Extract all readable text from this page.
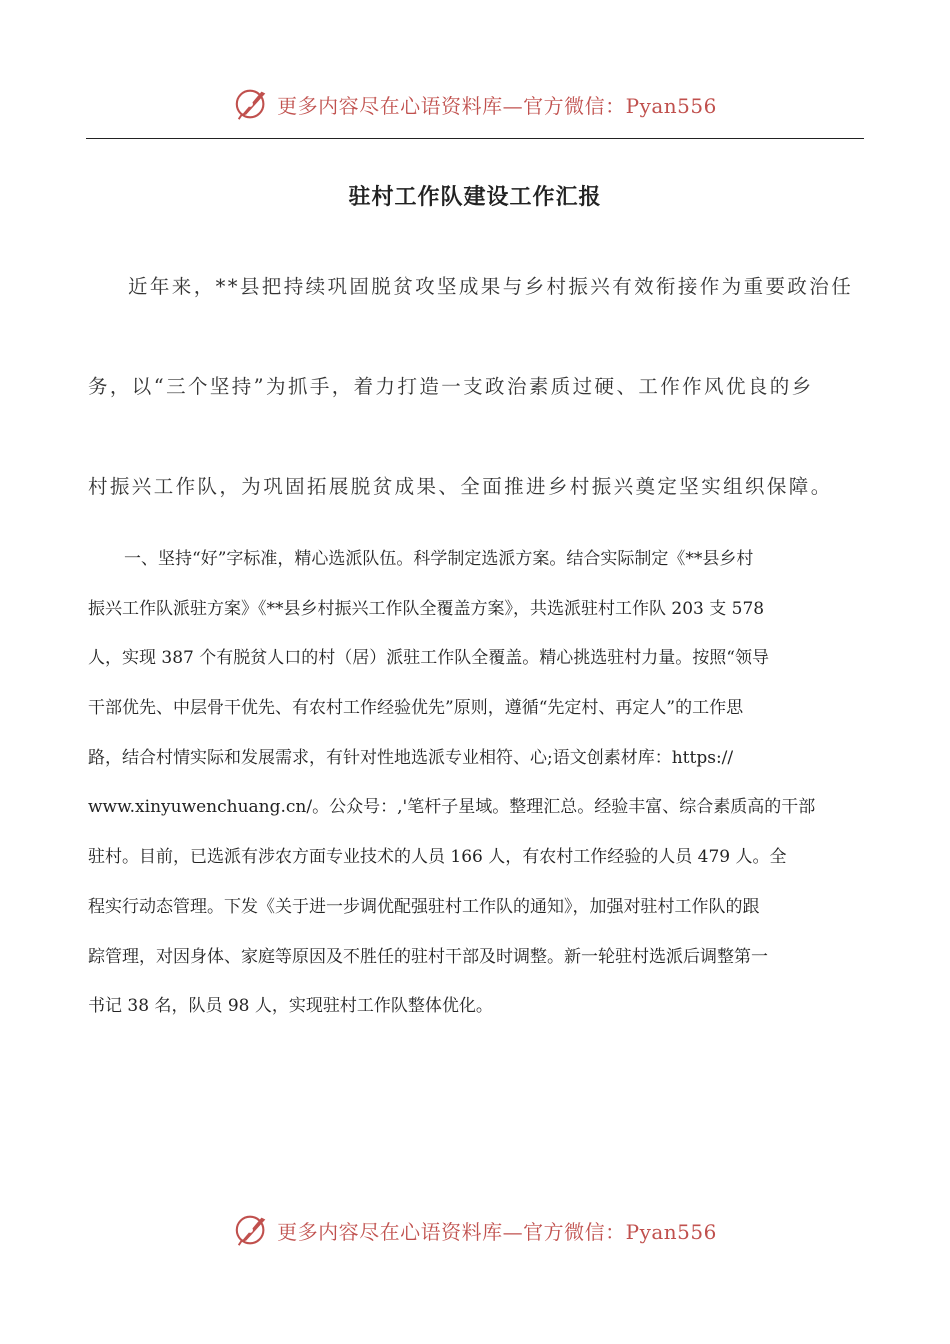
更多内容尽在心语资料库—官方微信：Pyan556
驻村工作队建设工作汇报
近年来，**县把持续巩固脱贫攻坚成果与乡村振兴有效衔接作为重要政治任
务，以“三个坚持”为抓手，着力打造一支政治素质过硬、工作作风优良的乡
村振兴工作队，为巩固拓展脱贫成果、全面推进乡村振兴奠定坚实组织保障。
一、坚持“好”字标准，精心选派队伍。科学制定选派方案。结合实际制定《**县乡村
振兴工作队派驻方案》《**县乡村振兴工作队全覆盖方案》，共选派驻村工作队 203 支 578
人，实现 387 个有脱贫人口的村（居）派驻工作队全覆盖。精心挑选驻村力量。按照“领导
干部优先、中层骨干优先、有农村工作经验优先”原则，遵循“先定村、再定人”的工作思
路，结合村情实际和发展需求，有针对性地选派专业相符、心;语文创素材库：https://
www.xinyuwenchuang.cn/。公众号：,'笔杆子星域。整理汇总。经验丰富、综合素质高的干部
驻村。目前，已选派有涉农方面专业技术的人员 166 人，有农村工作经验的人员 479 人。全
程实行动态管理。下发《关于进一步调优配强驻村工作队的通知》，加强对驻村工作队的跟
踪管理，对因身体、家庭等原因及不胜任的驻村干部及时调整。新一轮驻村选派后调整第一
书记 38 名，队员 98 人，实现驻村工作队整体优化。
更多内容尽在心语资料库—官方微信：Pyan556
